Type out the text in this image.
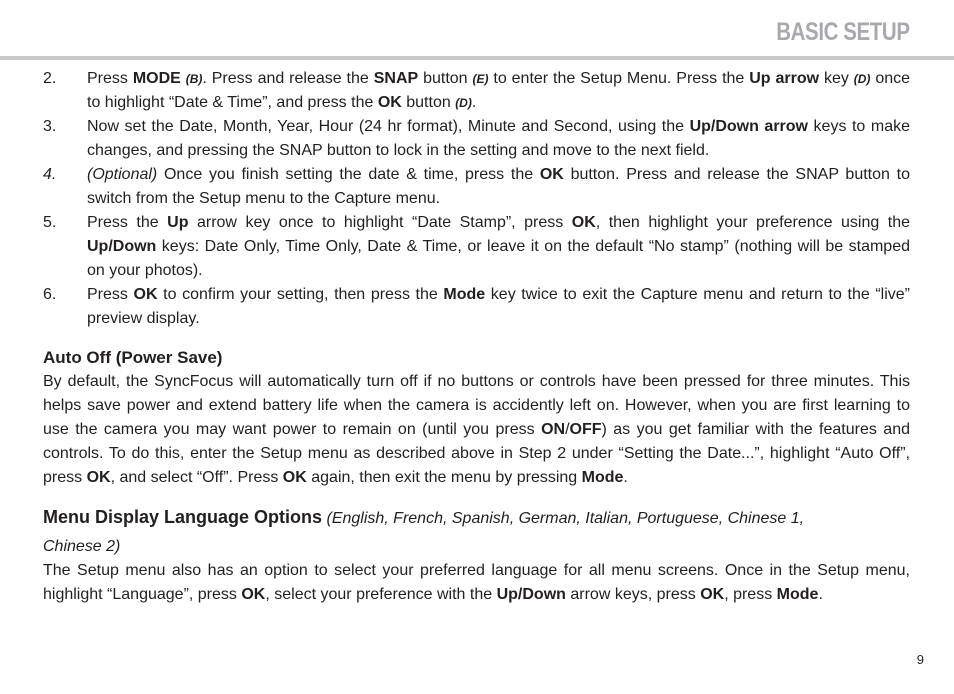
BASIC SETUP
2.	Press MODE (B). Press and release the SNAP button (E) to enter the Setup Menu. Press the Up arrow key (D) once to highlight “Date & Time”, and press the OK button (D).
3.	Now set the Date, Month, Year, Hour (24 hr format), Minute and Second, using the Up/Down arrow keys to make changes, and pressing the SNAP button to lock in the setting and move to the next field.
4.	(Optional) Once you finish setting the date & time, press the OK button. Press and release the SNAP button to switch from the Setup menu to the Capture menu.
5.	Press the Up arrow key once to highlight “Date Stamp”, press OK, then highlight your preference using the Up/Down keys: Date Only, Time Only, Date & Time, or leave it on the default “No stamp” (nothing will be stamped on your photos).
6.	Press OK to confirm your setting, then press the Mode key twice to exit the Capture menu and return to the “live” preview display.
Auto Off (Power Save)

By default, the SyncFocus will automatically turn off if no buttons or controls have been pressed for three minutes. This helps save power and extend battery life when the camera is accidently left on. However, when you are first learning to use the camera you may want power to remain on (until you press ON/OFF) as you get familiar with the features and controls. To do this, enter the Setup menu as described above in Step 2 under “Setting the Date...”, highlight “Auto Off”, press OK, and select “Off”. Press OK again, then exit the menu by pressing Mode.

Menu Display Language Options (English, French, Spanish, German, Italian, Portuguese, Chinese 1,
Chinese 2)

The Setup menu also has an option to select your preferred language for all menu screens. Once in the Setup menu, highlight “Language”, press OK, select your preference with the Up/Down arrow keys, press OK, press Mode.

9
